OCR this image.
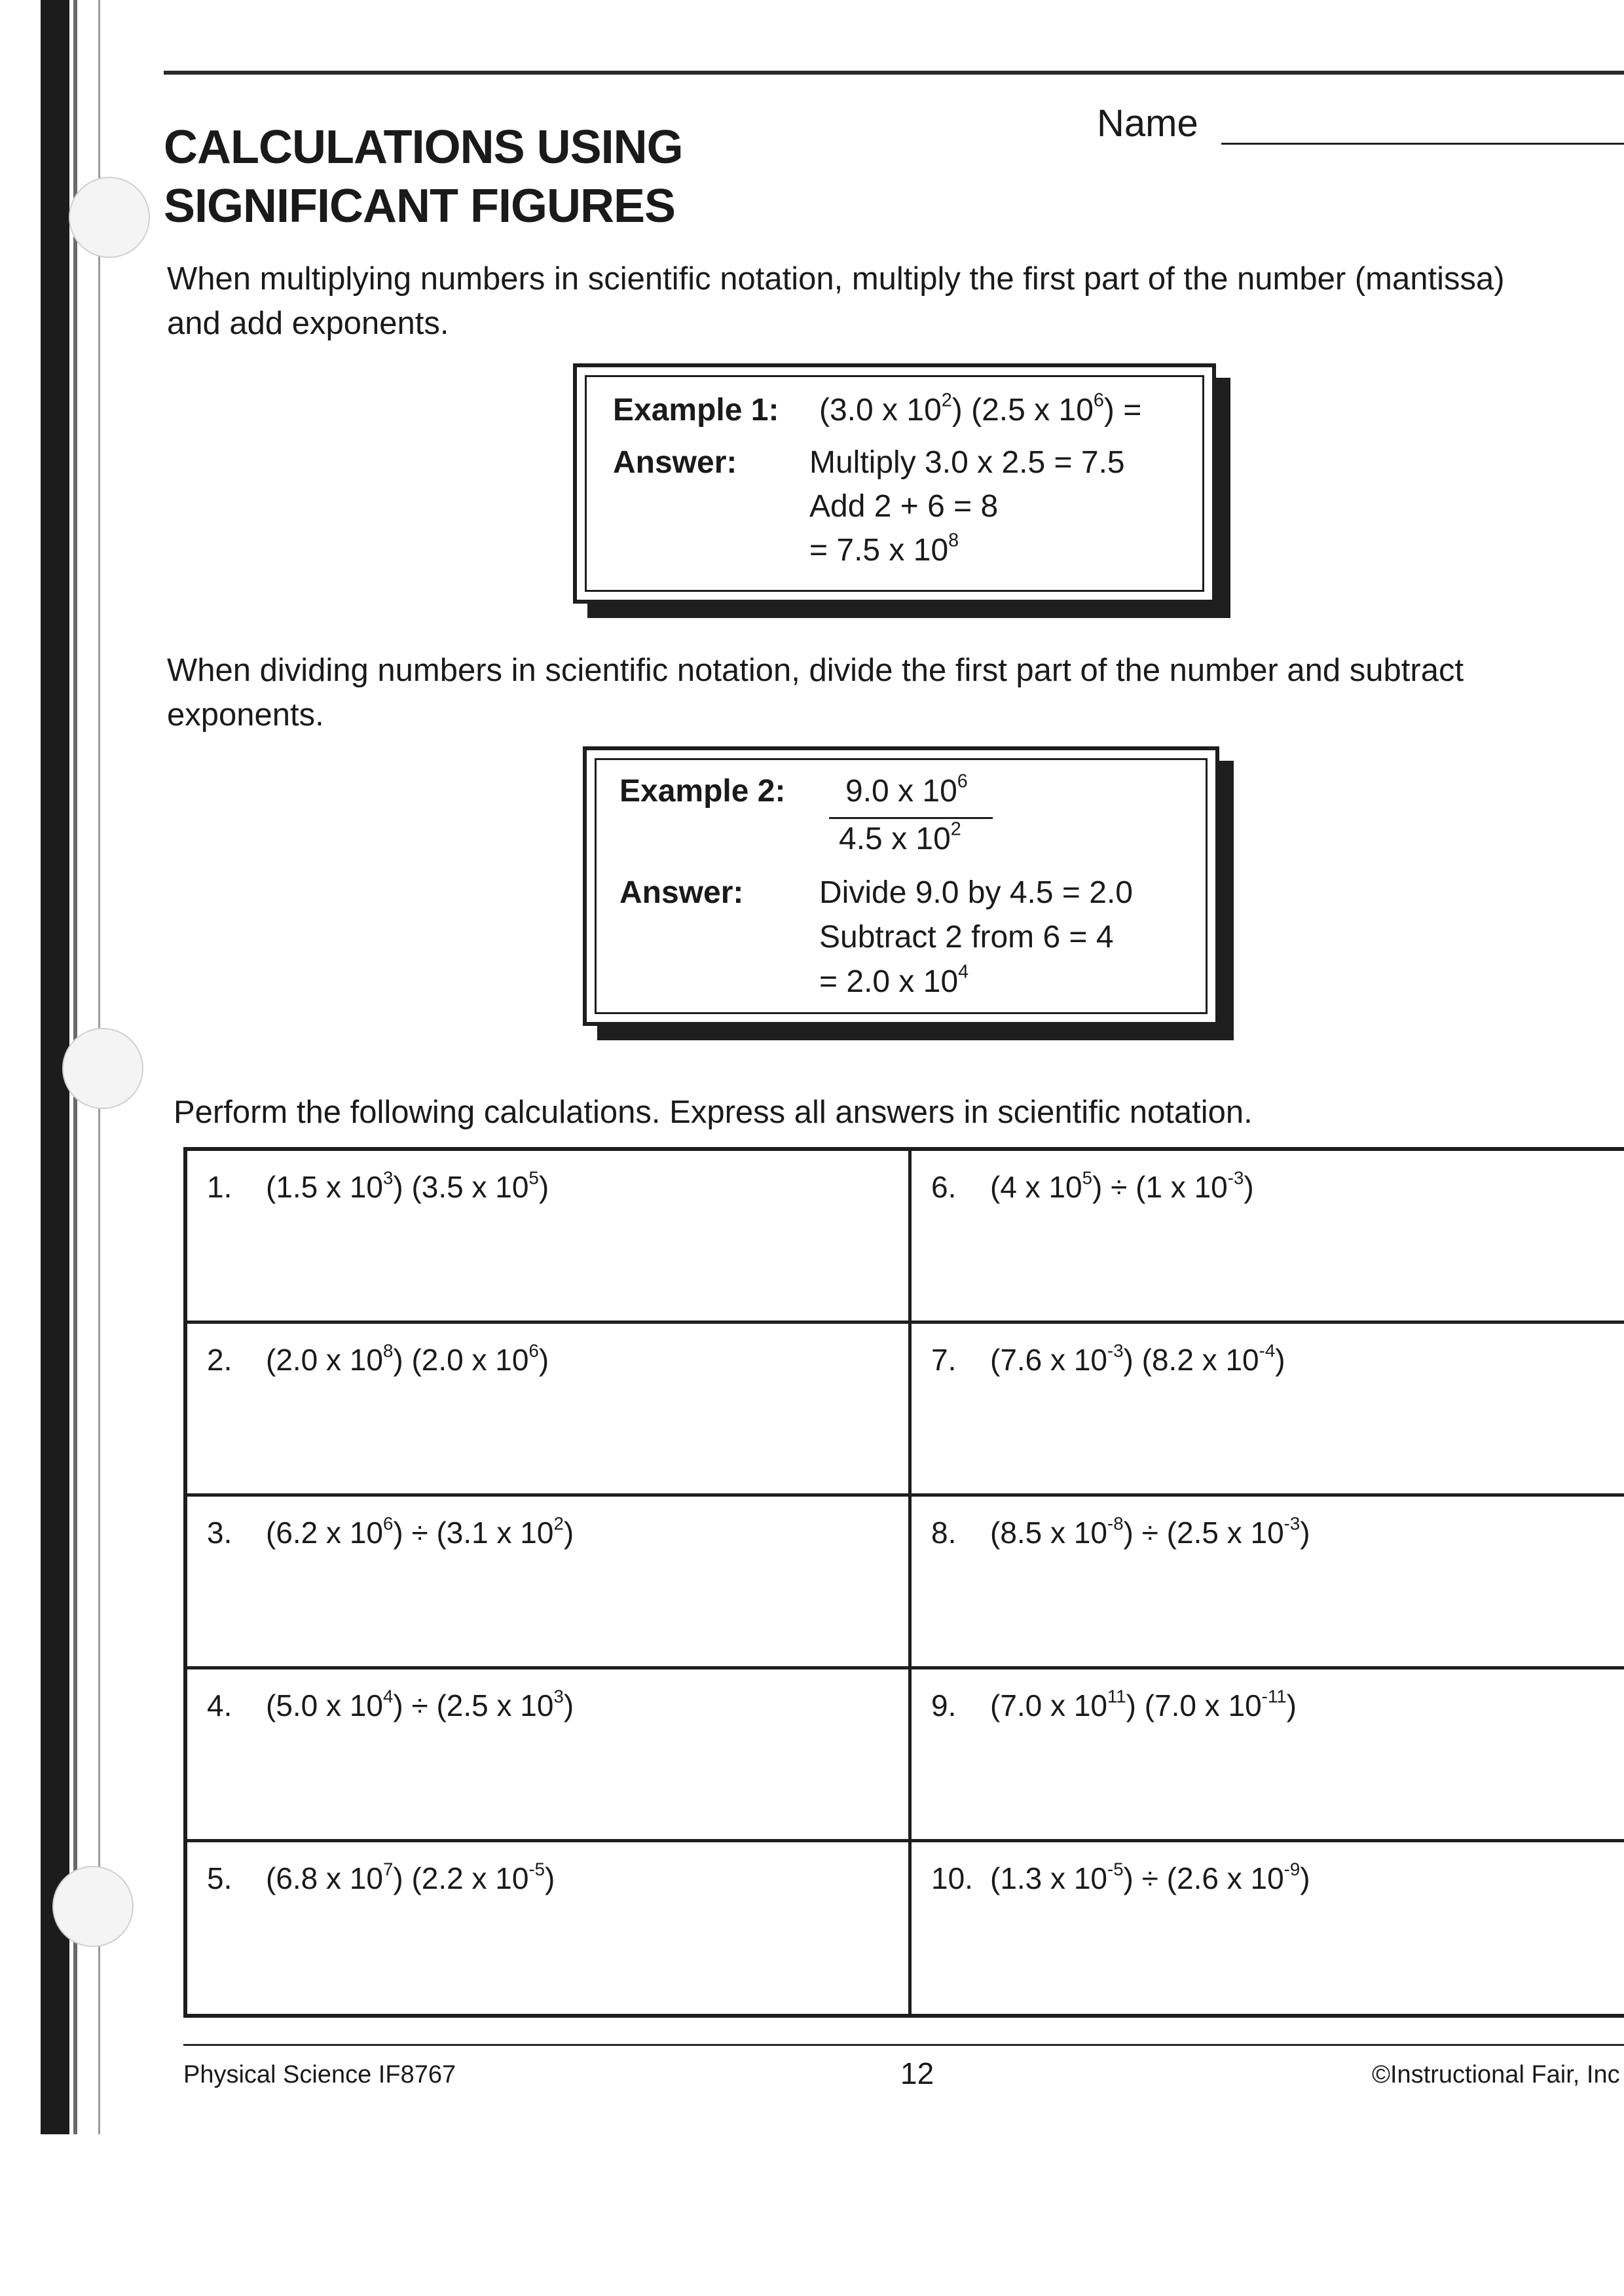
CALCULATIONS USING
SIGNIFICANT FIGURES
Name

When multiplying numbers in scientific notation, multiply the first part of the number (mantissa) and add exponents.

Example 1: (3.0 x $10^2$) (2.5 x $10^6$) =
Answer: Multiply 3.0 x 2.5 = 7.5
Add 2 + 6 = 8
= 7.5 x $10^8$

When dividing numbers in scientific notation, divide the first part of the number and subtract exponents.

Example 2: 9.0 x $10^6$
4.5 x $10^2$
Answer: Divide 9.0 by 4.5 = 2.0
Subtract 2 from 6 = 4
= 2.0 x $10^4$

Perform the following calculations. Express all answers in scientific notation.

1. (1.5 x $10^3$) (3.5 x $10^5$)
2. (2.0 x $10^8$) (2.0 x $10^6$)
3. (6.2 x $10^6) \div (3.1$ x $10^2$)
4. (5.0 x $10^4) \div (2.5$ x $10^3$)
5. (6.8 x $10^7$) (2.2 x $10^{-5}$)
6. (4 x $10^5) \div (1$ x $10^{-3}$)
7. (7.6 x $10^{-3}$) (8.2 x $10^{-4}$)
8. (8.5 x $10^{-8}) \div (2.5$ x $10^{-3}$)
9. (7.0 x $10^{11}$) (7.0 x $10^{-11}$)
10. (1.3 x $10^{-5}) \div (2.6$ x $10^{-9}$)
Physical Science IF8767	12	©Instructional Fair, Inc
